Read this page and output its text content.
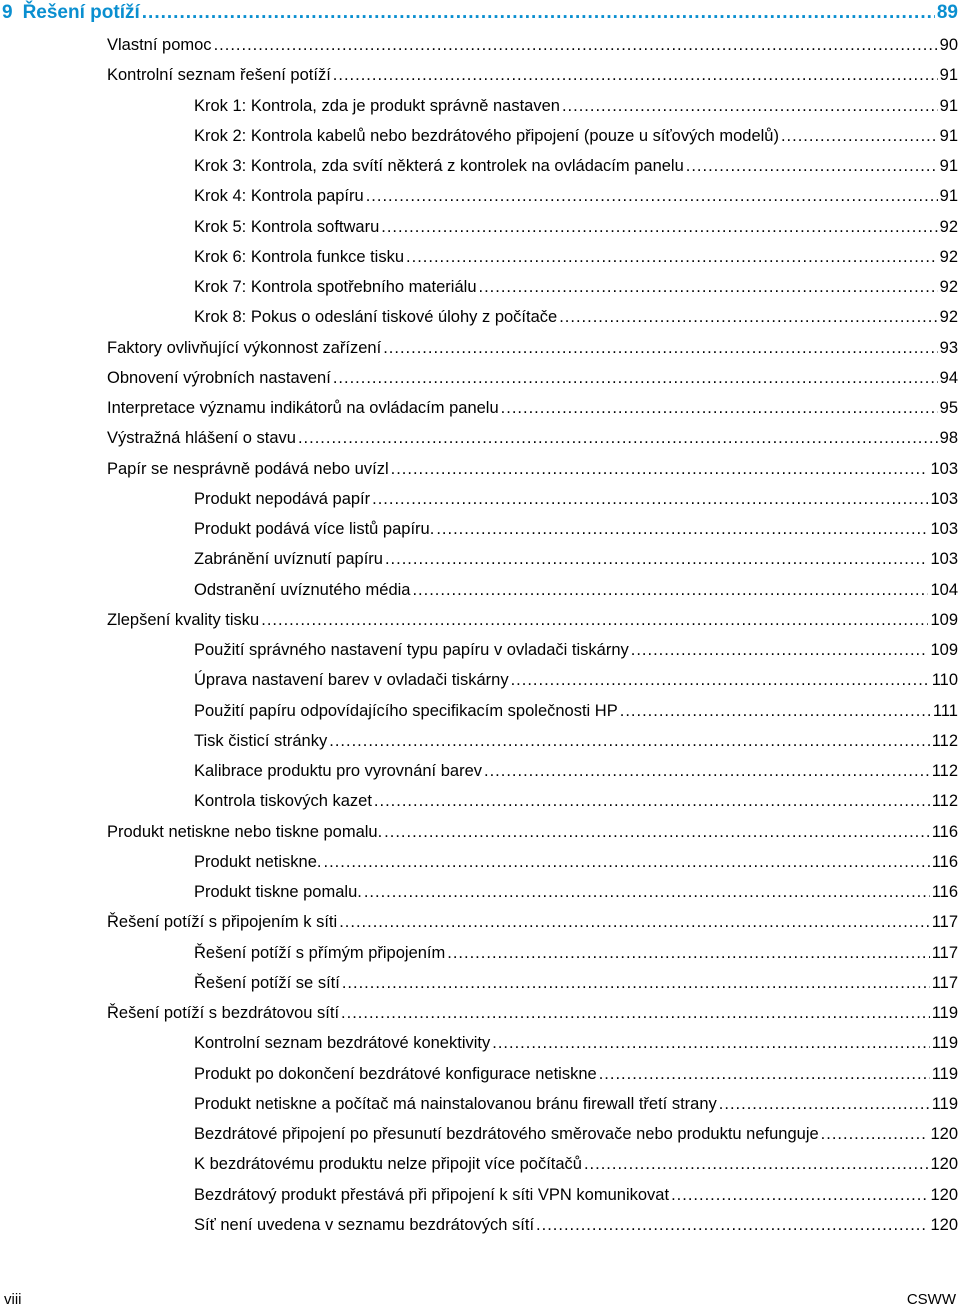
9 Řešení potíží .....	89
Vlastní pomoc .....	90
Kontrolní seznam řešení potíží .....	91
Krok 1: Kontrola, zda je produkt správně nastaven .....	91
Krok 2: Kontrola kabelů nebo bezdrátového připojení (pouze u síťových modelů) .....	91
Krok 3: Kontrola, zda svítí některá z kontrolek na ovládacím panelu .....	91
Krok 4: Kontrola papíru .....	91
Krok 5: Kontrola softwaru .....	92
Krok 6: Kontrola funkce tisku .....	92
Krok 7: Kontrola spotřebního materiálu .....	92
Krok 8: Pokus o odeslání tiskové úlohy z počítače .....	92
Faktory ovlivňující výkonnost zařízení .....	93
Obnovení výrobních nastavení .....	94
Interpretace významu indikátorů na ovládacím panelu .....	95
Výstražná hlášení o stavu .....	98
Papír se nesprávně podává nebo uvízl .....	103
Produkt nepodává papír .....	103
Produkt podává více listů papíru. .....	103
Zabránění uvíznutí papíru .....	103
Odstranění uvíznutého média .....	104
Zlepšení kvality tisku .....	109
Použití správného nastavení typu papíru v ovladači tiskárny .....	109
Úprava nastavení barev v ovladači tiskárny .....	110
Použití papíru odpovídajícího specifikacím společnosti HP .....	111
Tisk čisticí stránky .....	112
Kalibrace produktu pro vyrovnání barev .....	112
Kontrola tiskových kazet .....	112
Produkt netiskne nebo tiskne pomalu. .....	116
Produkt netiskne. .....	116
Produkt tiskne pomalu. .....	116
Řešení potíží s připojením k síti .....	117
Řešení potíží s přímým připojením .....	117
Řešení potíží se sítí .....	117
Řešení potíží s bezdrátovou sítí .....	119
Kontrolní seznam bezdrátové konektivity .....	119
Produkt po dokončení bezdrátové konfigurace netiskne .....	119
Produkt netiskne a počítač má nainstalovanou bránu firewall třetí strany .....	119
Bezdrátové připojení po přesunutí bezdrátového směrovače nebo produktu nefunguje .....	120
K bezdrátovému produktu nelze připojit více počítačů .....	120
Bezdrátový produkt přestává při připojení k síti VPN komunikovat .....	120
Síť není uvedena v seznamu bezdrátových sítí .....	120
viii	CSWW
